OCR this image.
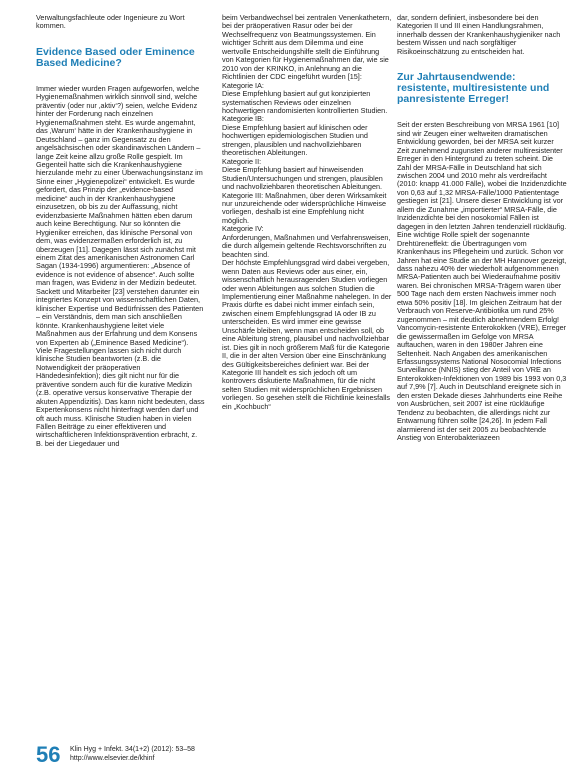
Verwaltungsfachleute oder Ingenieure zu Wort kommen.

Evidence Based oder Eminence Based Medicine?

Immer wieder wurden Fragen aufgeworfen, welche Hygienemaßnahmen wirklich sinnvoll sind, welche präventiv (oder nur ‚aktiv‘?) seien, welche Evidenz hinter der Forderung nach einzelnen Hygienemaßnahmen steht. Es wurde angemahnt, das ‚Warum‘ hätte in der Krankenhaushygiene in Deutschland – ganz im Gegensatz zu den angelsächsischen oder skandinavischen Ländern – lange Zeit keine allzu große Rolle gespielt. Im Gegenteil hatte sich die Krankenhaushygiene hierzulande mehr zu einer Überwachungsinstanz im Sinne einer „Hygienepolizei“ entwickelt. Es wurde gefordert, das Prinzip der „evidence-based medicine“ auch in der Krankenhaushygiene einzusetzen, ob bis zu der Auffassung, nicht evidenzbasierte Maßnahmen hätten eben darum auch keine Berechtigung. Nur so könnten die Hygieniker erreichen, das klinische Personal von dem, was evidenzermaßen erforderlich ist, zu überzeugen [11]. Dagegen lässt sich zunächst mit einem Zitat des amerikanischen Astronomen Carl Sagan (1934-1996) argumentieren: „Absence of evidence is not evidence of absence“. Auch sollte man fragen, was Evidenz in der Medizin bedeutet. Sackett und Mitarbeiter [23] verstehen darunter ein integriertes Konzept von wissenschaftlichen Daten, klinischer Expertise und Bedürfnissen des Patienten – ein Verständnis, dem man sich anschließen könnte. Krankenhaushygiene leitet viele Maßnahmen aus der Erfahrung und dem Konsens von Experten ab („Eminence Based Medicine“). Viele Fragestellungen lassen sich nicht durch klinische Studien beantworten (z.B. die Notwendigkeit der präoperativen Händedesinfektion); dies gilt nicht nur für die präventive sondern auch für die kurative Medizin (z.B. operative versus konservative Therapie der akuten Appendizitis). Das kann nicht bedeuten, dass Expertenkonsens nicht hinterfragt werden darf und oft auch muss. Klinische Studien haben in vielen Fällen Beiträge zu einer effektiveren und wirtschaftlicheren Infektionsprävention erbracht, z. B. bei der Liegedauer und

beim Verbandwechsel bei zentralen Venenkathetern, bei der präoperativen Rasur oder bei der Wechselfrequenz von Beatmungssystemen. Ein wichtiger Schritt aus dem Dilemma und eine wertvolle Entscheidungshilfe stellt die Einführung von Kategorien für Hygienemaßnahmen dar, wie sie 2010 von der KRINKO, in Anlehnung an die Richtlinien der CDC eingeführt wurden [15]:

Kategorie IA:
Diese Empfehlung basiert auf gut konzipierten systematischen Reviews oder einzelnen hochwertigen randomisierten kontrollierten Studien.

Kategorie IB:
Diese Empfehlung basiert auf klinischen oder hochwertigen epidemiologischen Studien und strengen, plausiblen und nachvollziehbaren theoretischen Ableitungen.

Kategorie II:
Diese Empfehlung basiert auf hinweisenden Studien/Untersuchungen und strengen, plausiblen und nachvollziehbaren theoretischen Ableitungen.

Kategorie III: Maßnahmen, über deren Wirksamkeit nur unzureichende oder widersprüchliche Hinweise vorliegen, deshalb ist eine Empfehlung nicht möglich.

Kategorie IV:
Anforderungen, Maßnahmen und Verfahrensweisen, die durch allgemein geltende Rechtsvorschriften zu beachten sind.

Der höchste Empfehlungsgrad wird dabei vergeben, wenn Daten aus Reviews oder aus einer, ein, wissenschaftlich herausragenden Studien vorliegen oder wenn Ableitungen aus solchen Studien die Implementierung einer Maßnahme nahelegen. In der Praxis dürfte es dabei nicht immer einfach sein, zwischen einem Empfehlungsgrad IA oder IB zu unterscheiden. Es wird immer eine gewisse Unschärfe bleiben, wenn man entscheiden soll, ob eine Ableitung streng, plausibel und nachvollziehbar ist. Dies gilt in noch größerem Maß für die Kategorie II, die in der alten Version über eine Einschränkung des Gültigkeitsbereiches definiert war. Bei der Kategorie III handelt es sich jedoch oft um kontrovers diskutierte Maßnahmen, für die nicht selten Studien mit widersprüchlichen Ergebnissen vorliegen. So gesehen stellt die Richtlinie keinesfalls ein „Kochbuch“

dar, sondern definiert, insbesondere bei den Kategorien II und III einen Handlungsrahmen, innerhalb dessen der Krankenhaushygieniker nach bestem Wissen und nach sorgfältiger Risikoeinschätzung zu entscheiden hat.

Zur Jahrtausendwende: resistente, multiresistente und panresistente Erreger!

Seit der ersten Beschreibung von MRSA 1961 [10] sind wir Zeugen einer weltweiten dramatischen Entwicklung geworden, bei der MRSA seit kurzer Zeit zunehmend zugunsten anderer multiresistenter Erreger in den Hintergrund zu treten scheint. Die Zahl der MRSA-Fälle in Deutschland hat sich zwischen 2004 und 2010 mehr als verdreifacht (2010: knapp 41.000 Fälle), wobei die Inzidenzdichte von 0,63 auf 1,32 MRSA-Fälle/1000 Patiententage gestiegen ist [21]. Unsere dieser Entwicklung ist vor allem die Zunahme „importierter“ MRSA-Fälle, die Inzidenzdichte bei den nosokomial Fällen ist dagegen in den letzten Jahren tendenziell rückläufig. Eine wichtige Rolle spielt der sogenannte Drehtüreneffekt: die Übertragungen vom Krankenhaus ins Pflegeheim und zurück. Schon vor Jahren hat eine Studie an der MH Hannover gezeigt, dass nahezu 40% der wiederholt aufgenommenen MRSA-Patienten auch bei Wiederaufnahme positiv waren. Bei chronischen MRSA-Trägern waren über 500 Tage nach dem ersten Nachweis immer noch etwa 50% positiv [18]. Im gleichen Zeitraum hat der Verbrauch von Reserve-Antibiotika um rund 25% zugenommen – mit deutlich abnehmendem Erfolg! Vancomycin-resistente Enterokokken (VRE), Erreger die gewissermaßen im Gefolge von MRSA auftauchen, waren in den 1980er Jahren eine Seltenheit. Nach Angaben des amerikanischen Erfassungssystems National Nosocomial Infections Surveillance (NNIS) stieg der Anteil von VRE an Enterokokken-Infektionen von 1989 bis 1993 von 0,3 auf 7,9% [7]. Auch in Deutschland ereignete sich in den ersten Dekade dieses Jahrhunderts eine Reihe von Ausbrüchen, seit 2007 ist eine rückläufige Tendenz zu beobachten, die allerdings nicht zur Entwarnung führen sollte [24,26]. In jedem Fall alarmierend ist der seit 2005 zu beobachtende Anstieg von Enterobakteriazeen

56 Klin Hyg + Infekt. 34(1+2) (2012): 53–58
http://www.elsevier.de/khinf
